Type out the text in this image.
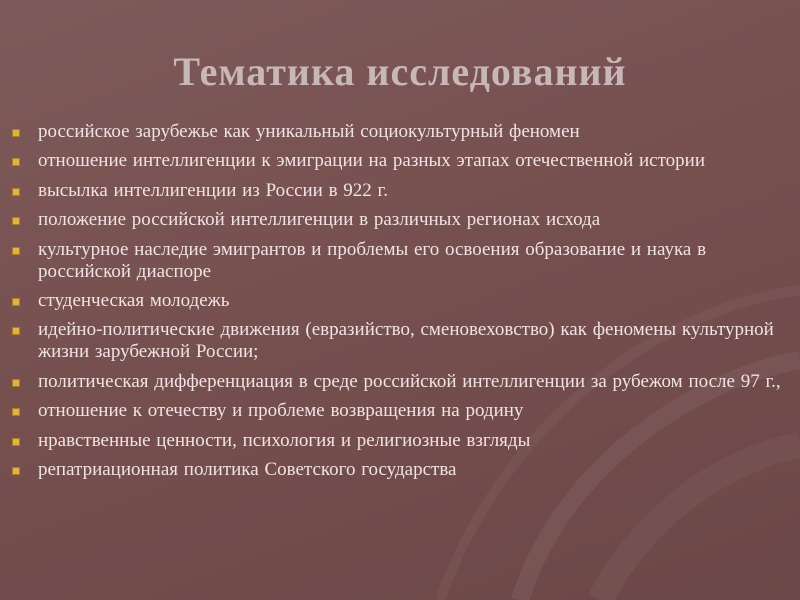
Тематика исследований
российское зарубежье как уникальный социокультурный феномен
отношение интеллигенции к эмиграции на разных этапах отечественной истории
высылка интеллигенции из России в 922 г.
положение российской интеллигенции в различных регионах исхода
культурное наследие эмигрантов и проблемы его освоения образование и наука в российской диаспоре
студенческая молодежь
идейно-политические движения (евразийство, сменовеховство) как феномены культурной жизни зарубежной России;
политическая дифференциация в среде российской интеллигенции за рубежом после 97 г.,
отношение к отечеству и проблеме возвращения на родину
нравственные ценности, психология и религиозные взгляды
репатриационная политика Советского государства
